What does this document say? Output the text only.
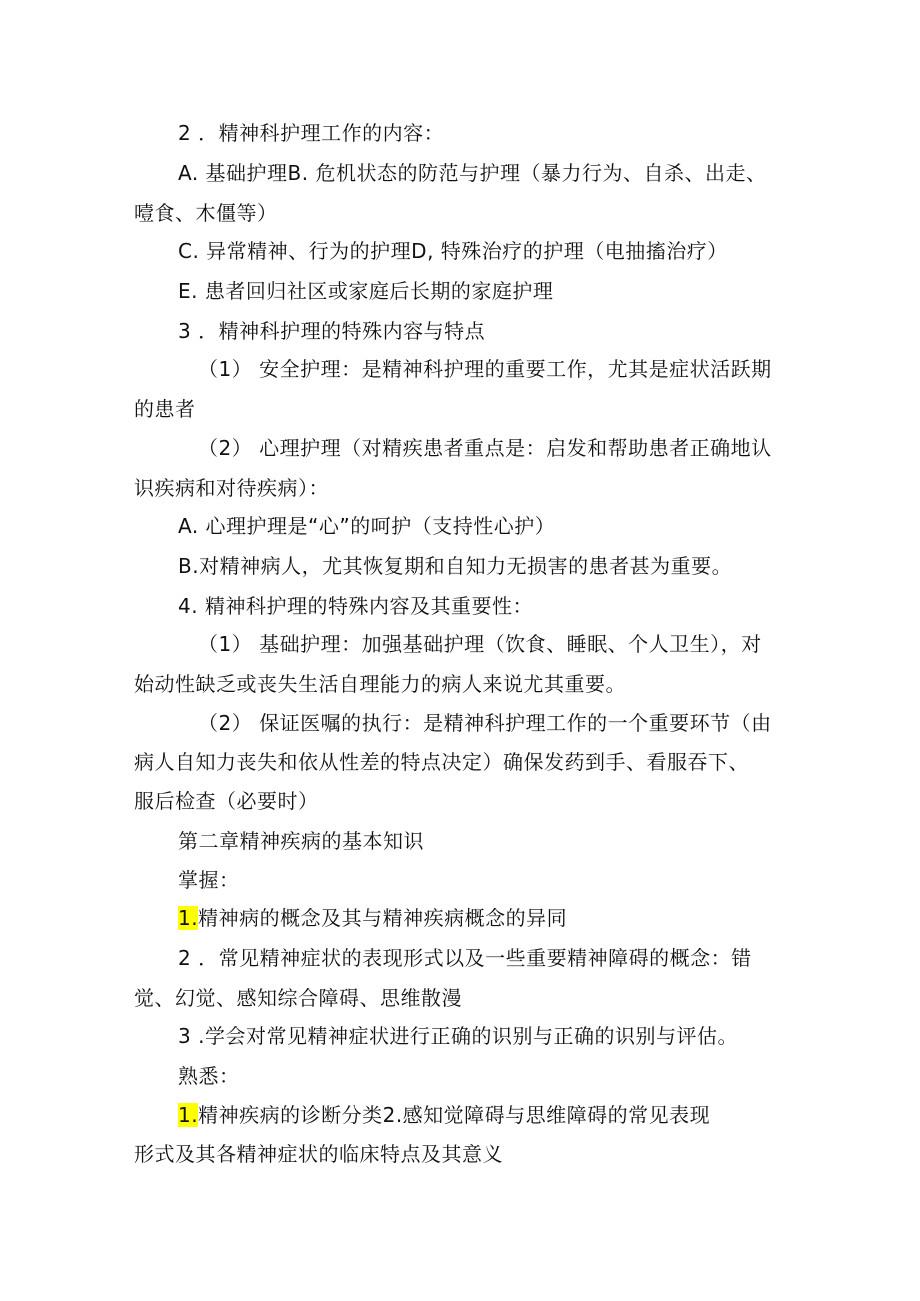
2 ．精神科护理工作的内容：
A. 基础护理B. 危机状态的防范与护理（暴力行为、自杀、出走、
噎食、木僵等）
C. 异常精神、行为的护理D, 特殊治疗的护理（电抽搐治疗）
E. 患者回归社区或家庭后长期的家庭护理
3 ．精神科护理的特殊内容与特点
（1） 安全护理：是精神科护理的重要工作，尤其是症状活跃期
的患者
（2） 心理护理（对精疾患者重点是：启发和帮助患者正确地认
识疾病和对待疾病）：
A. 心理护理是“心”的呵护（支持性心护）
B.对精神病人，尤其恢复期和自知力无损害的患者甚为重要。
4. 精神科护理的特殊内容及其重要性：
（1） 基础护理：加强基础护理（饮食、睡眠、个人卫生），对
始动性缺乏或丧失生活自理能力的病人来说尤其重要。
（2） 保证医嘱的执行：是精神科护理工作的一个重要环节（由
病人自知力丧失和依从性差的特点决定）确保发药到手、看服吞下、
服后检查（必要时）
第二章精神疾病的基本知识
掌握：
1.精神病的概念及其与精神疾病概念的异同
2 ．常见精神症状的表现形式以及一些重要精神障碍的概念：错
觉、幻觉、感知综合障碍、思维散漫
3 .学会对常见精神症状进行正确的识别与正确的识别与评估。
熟悉：
1.精神疾病的诊断分类2.感知觉障碍与思维障碍的常见表现
形式及其各精神症状的临床特点及其意义
